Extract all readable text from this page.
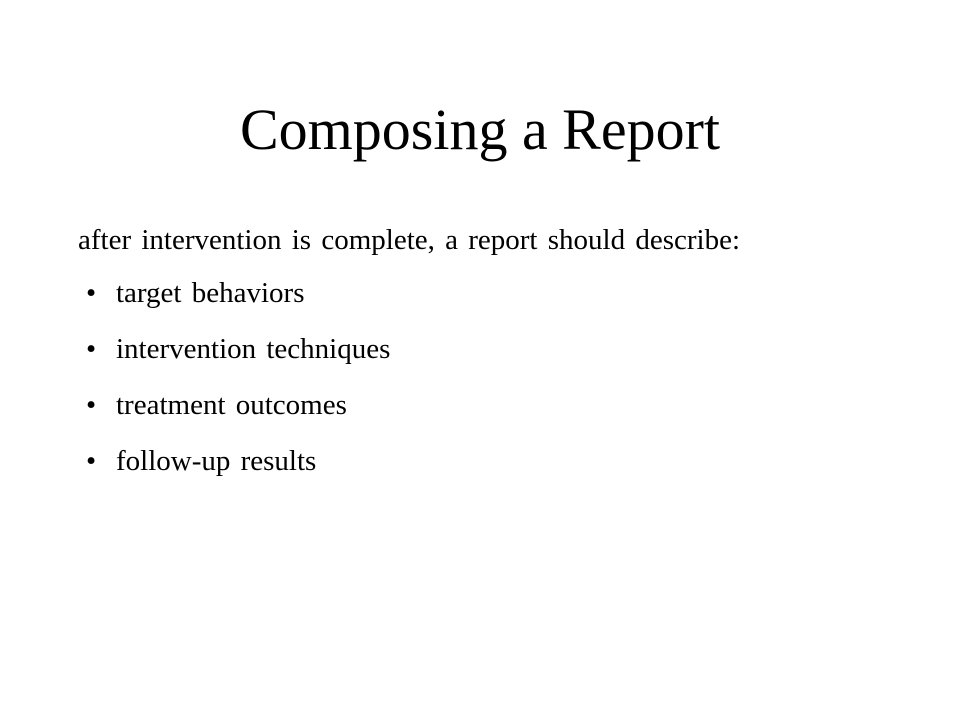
Composing a Report

after intervention is complete, a report should describe:

• target behaviors
• intervention techniques
• treatment outcomes
• follow-up results
